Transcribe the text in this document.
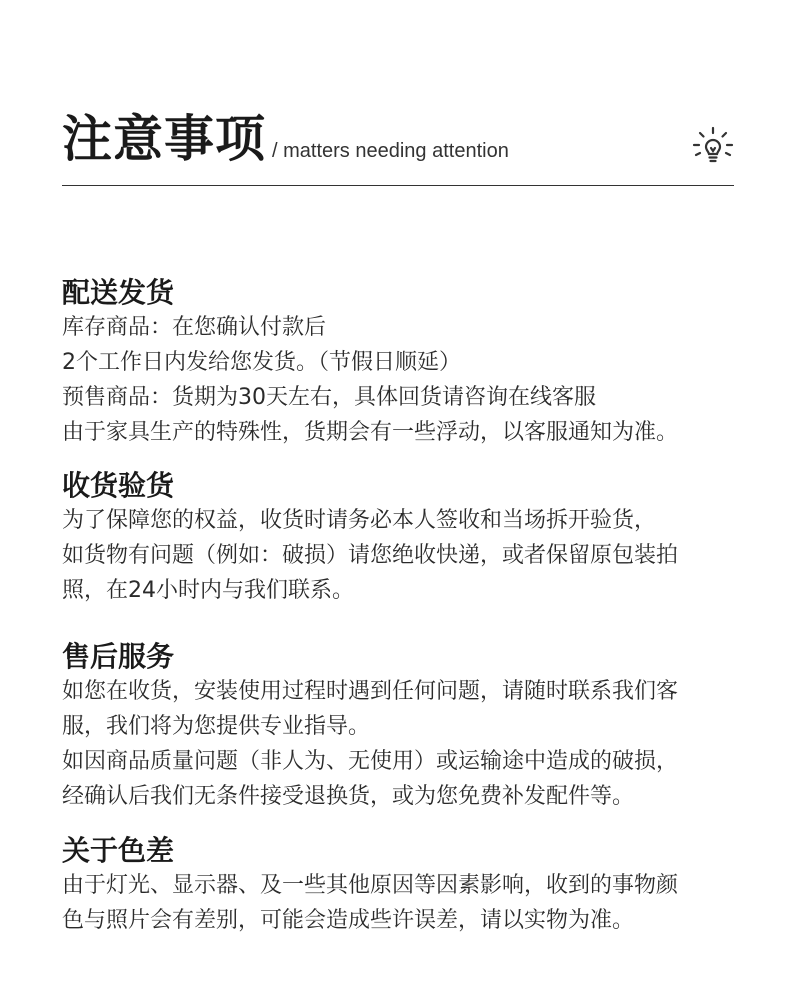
注意事项 / matters needing attention
配送发货

库存商品：在您确认付款后

2个工作日内发给您发货。（节假日顺延）

预售商品：货期为30天左右，具体回货请咨询在线客服

由于家具生产的特殊性，货期会有一些浮动，以客服通知为准。

收货验货

为了保障您的权益，收货时请务必本人签收和当场拆开验货，

如货物有问题（例如：破损）请您绝收快递，或者保留原包装拍

照，在24小时内与我们联系。

售后服务

如您在收货，安装使用过程时遇到任何问题，请随时联系我们客

服，我们将为您提供专业指导。

如因商品质量问题（非人为、无使用）或运输途中造成的破损，

经确认后我们无条件接受退换货，或为您免费补发配件等。

关于色差

由于灯光、显示器、及一些其他原因等因素影响，收到的事物颜

色与照片会有差别，可能会造成些许误差，请以实物为准。
